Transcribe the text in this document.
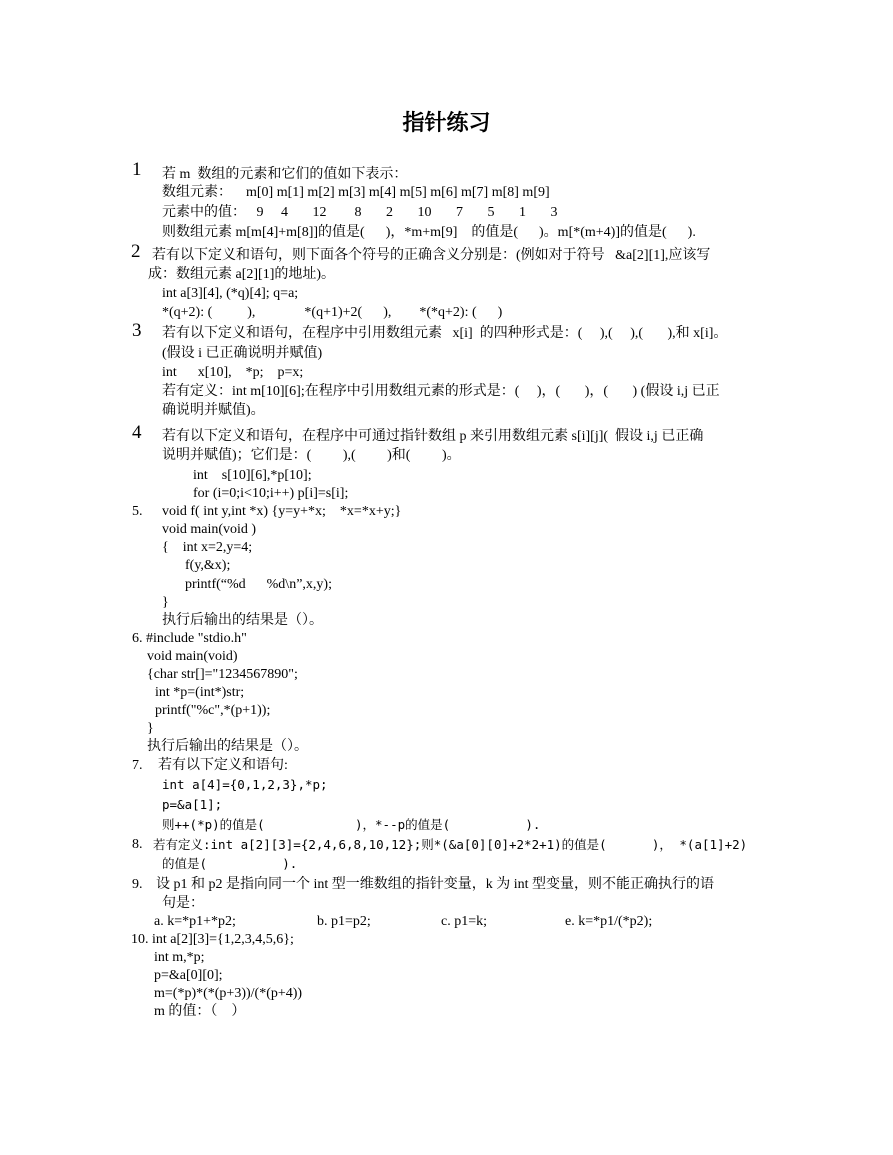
指针练习
1 若 m  数组的元素和它们的值如下表示：
数组元素：    m[0] m[1] m[2] m[3] m[4] m[5] m[6] m[7] m[8] m[9]
元素中的值：   9     4       12        8       2       10       7       5       1       3
则数组元素 m[m[4]+m[8]]的值是(      )，*m+m[9]    的值是(      )。m[*(m+4)]的值是(      ).
2 若有以下定义和语句，则下面各个符号的正确含义分别是：(例如对于符号   &a[2][1],应该写
成：数组元素 a[2][1]的地址)。
int a[3][4], (*q)[4]; q=a;
*(q+2): (          ),              *(q+1)+2(      ),        *(*q+2): (      )
3 若有以下定义和语句，在程序中引用数组元素   x[i]  的四种形式是：(     ),(     ),(       ),和 x[i]。
(假设 i 已正确说明并赋值)
int      x[10],    *p;    p=x;
若有定义：int m[10][6];在程序中引用数组元素的形式是：(     )，(       )，(       ) (假设 i,j 已正
确说明并赋值)。
4 若有以下定义和语句，在程序中可通过指针数组 p 来引用数组元素 s[i][j](  假设 i,j 已正确
说明并赋值)；它们是：(         ),(         )和(         )。
int    s[10][6],*p[10];
for (i=0;i<10;i++) p[i]=s[i];
5. void f( int y,int *x) {y=y+*x;    *x=*x+y;}
void main(void )
{    int x=2,y=4;
f(y,&x);
printf(“%d      %d\n”,x,y);
}
执行后输出的结果是（）。
6. #include "stdio.h"
void main(void)
{char str[]="1234567890";
int *p=(int*)str;
printf("%c",*(p+1));
}
执行后输出的结果是（）。
7. 若有以下定义和语句:
int a[4]={0,1,2,3},*p;
p=&a[1];
则++(*p)的值是(            )，*--p的值是(          ).
8. 若有定义:int a[2][3]={2,4,6,8,10,12};则*(&a[0][0]+2*2+1)的值是(      )， *(a[1]+2)
的值是(          ).
9. 设 p1 和 p2 是指向同一个 int 型一维数组的指针变量，k 为 int 型变量，则不能正确执行的语
句是：
a. k=*p1+*p2;	b. p1=p2;	c. p1=k;	e. k=*p1/(*p2);
10. int a[2][3]={1,2,3,4,5,6};
int m,*p;
p=&a[0][0];
m=(*p)*(*(p+3))/(*(p+4))
m 的值：（    ）
